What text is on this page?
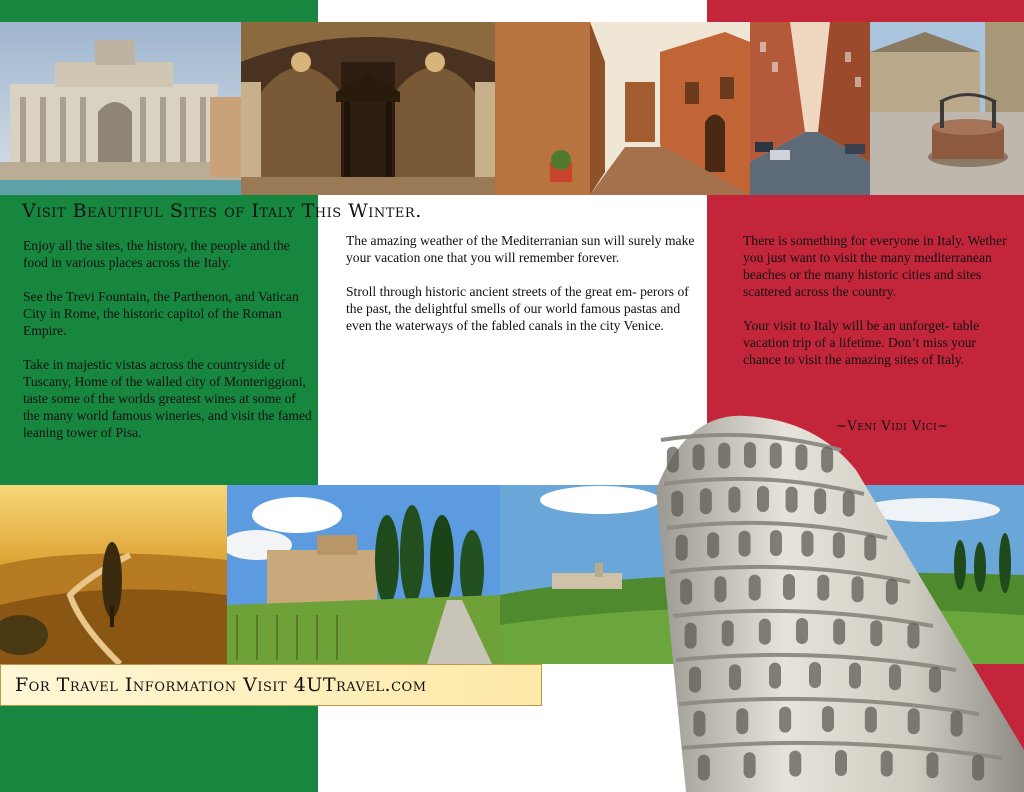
Visit Beautiful Sites of Italy This Winter.

Enjoy all the sites, the history, the people and the food in various places across the Italy.

See the Trevi Fountain, the Parthenon, and Vatican City in Rome, the historic capitol of the Roman Empire.

Take in majestic vistas across the countryside of Tuscany, Home of the walled city of Monteriggioni, taste some of the worlds greatest wines at some of the many world famous wineries, and visit the famed leaning tower of Pisa.

The amazing weather of the Mediterranian sun will surely make your vacation one that you will remember forever.

Stroll through historic ancient streets of the great em- perors of the past, the delightful smells of our world famous pastas and even the waterways of the fabled canals in the city Venice.

There is something for everyone in Italy. Wether you just want to visit the many mediterranean beaches or the many historic cities and sites scattered across the country.

Your visit to Italy will be an unforget- table vacation trip of a lifetime. Don’t miss your chance to visit the amazing sites of Italy.

~Veni Vidi Vici~
For Travel Information Visit 4UTravel.com
